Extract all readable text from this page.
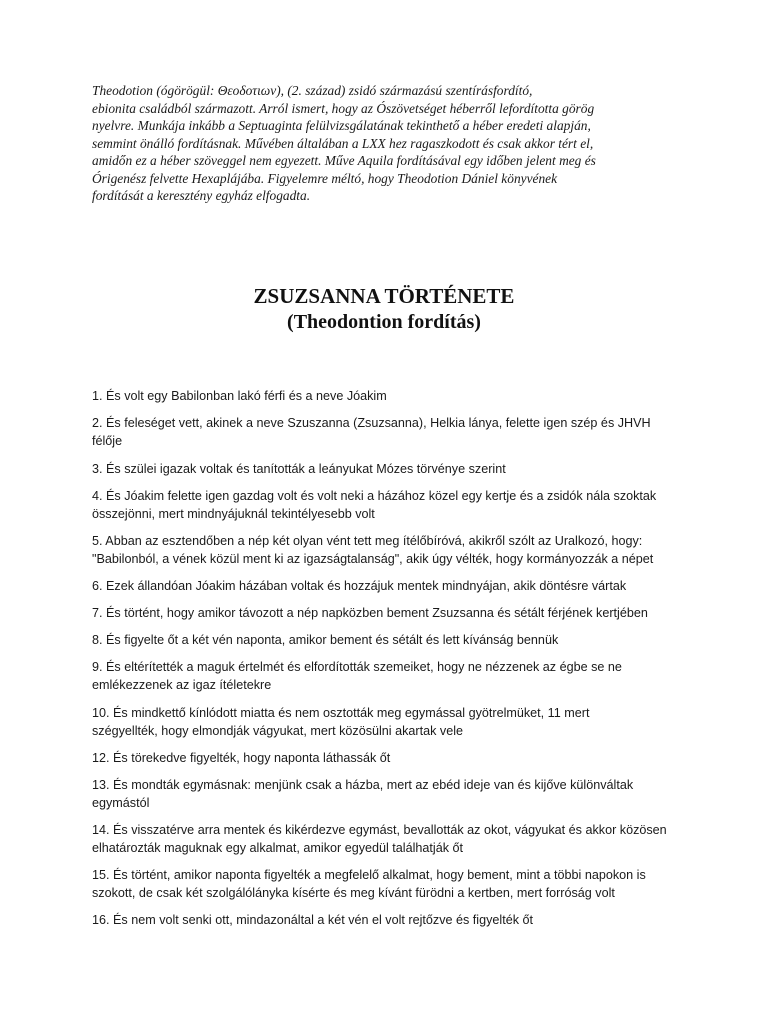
Theodotion (ógörögül: Θεοδοτιων), (2. század) zsidó származású szentírásfordító,
ebionita családból származott. Arról ismert, hogy az Ószövetséget héberről lefordította görög
nyelvre. Munkája inkább a Septuaginta felülvizsgálatának tekinthető a héber eredeti alapján,
semmint önálló fordításnak. Művében általában a LXX hez ragaszkodott és csak akkor tért el,
amidőn ez a héber szöveggel nem egyezett. Műve Aquila fordításával egy időben jelent meg és
Órigenész felvette Hexaplájába. Figyelemre méltó, hogy Theodotion Dániel könyvének
fordítását a keresztény egyház elfogadta.
ZSUZSANNA TÖRTÉNETE
(Theodontion fordítás)
1. És volt egy Babilonban lakó férfi és a neve Jóakim
2. És feleséget vett, akinek a neve Szuszanna (Zsuzsanna), Helkia lánya, felette igen szép és JHVH
félője
3. És szülei igazak voltak és tanították a leányukat Mózes törvénye szerint
4. És Jóakim felette igen gazdag volt és volt neki a házához közel egy kertje és a zsidók nála szoktak
összejönni, mert mindnyájuknál tekintélyesebb volt
5. Abban az esztendőben a nép két olyan vént tett meg ítélőbíróvá, akikről szólt az Uralkozó, hogy:
"Babilonból, a vének közül ment ki az igazságtalanság", akik úgy vélték, hogy kormányozzák a népet
6. Ezek állandóan Jóakim házában voltak és hozzájuk mentek mindnyájan, akik döntésre vártak
7. És történt, hogy amikor távozott a nép napközben bement Zsuzsanna és sétált férjének kertjében
8. És figyelte őt a két vén naponta, amikor bement és sétált és lett kívánság bennük
9. És eltérítették a maguk értelmét és elfordították szemeiket, hogy ne nézzenek az égbe se ne
emlékezzenek az igaz ítéletekre
10. És mindkettő kínlódott miatta és nem osztották meg egymással gyötrelmüket, 11 mert
szégyellték, hogy elmondják vágyukat, mert közösülni akartak vele
12. És törekedve figyelték, hogy naponta láthassák őt
13. És mondták egymásnak: menjünk csak a házba, mert az ebéd ideje van és kijőve különváltak
egymástól
14. És visszatérve arra mentek és kikérdezve egymást, bevallották az okot, vágyukat és akkor közösen
elhatározták maguknak egy alkalmat, amikor egyedül találhatják őt
15. És történt, amikor naponta figyelték a megfelelő alkalmat, hogy bement, mint a többi napokon is
szokott, de csak két szolgálólányka kísérte és meg kívánt fürödni a kertben, mert forróság volt
16. És nem volt senki ott, mindazonáltal a két vén el volt rejtőzve és figyelték őt
